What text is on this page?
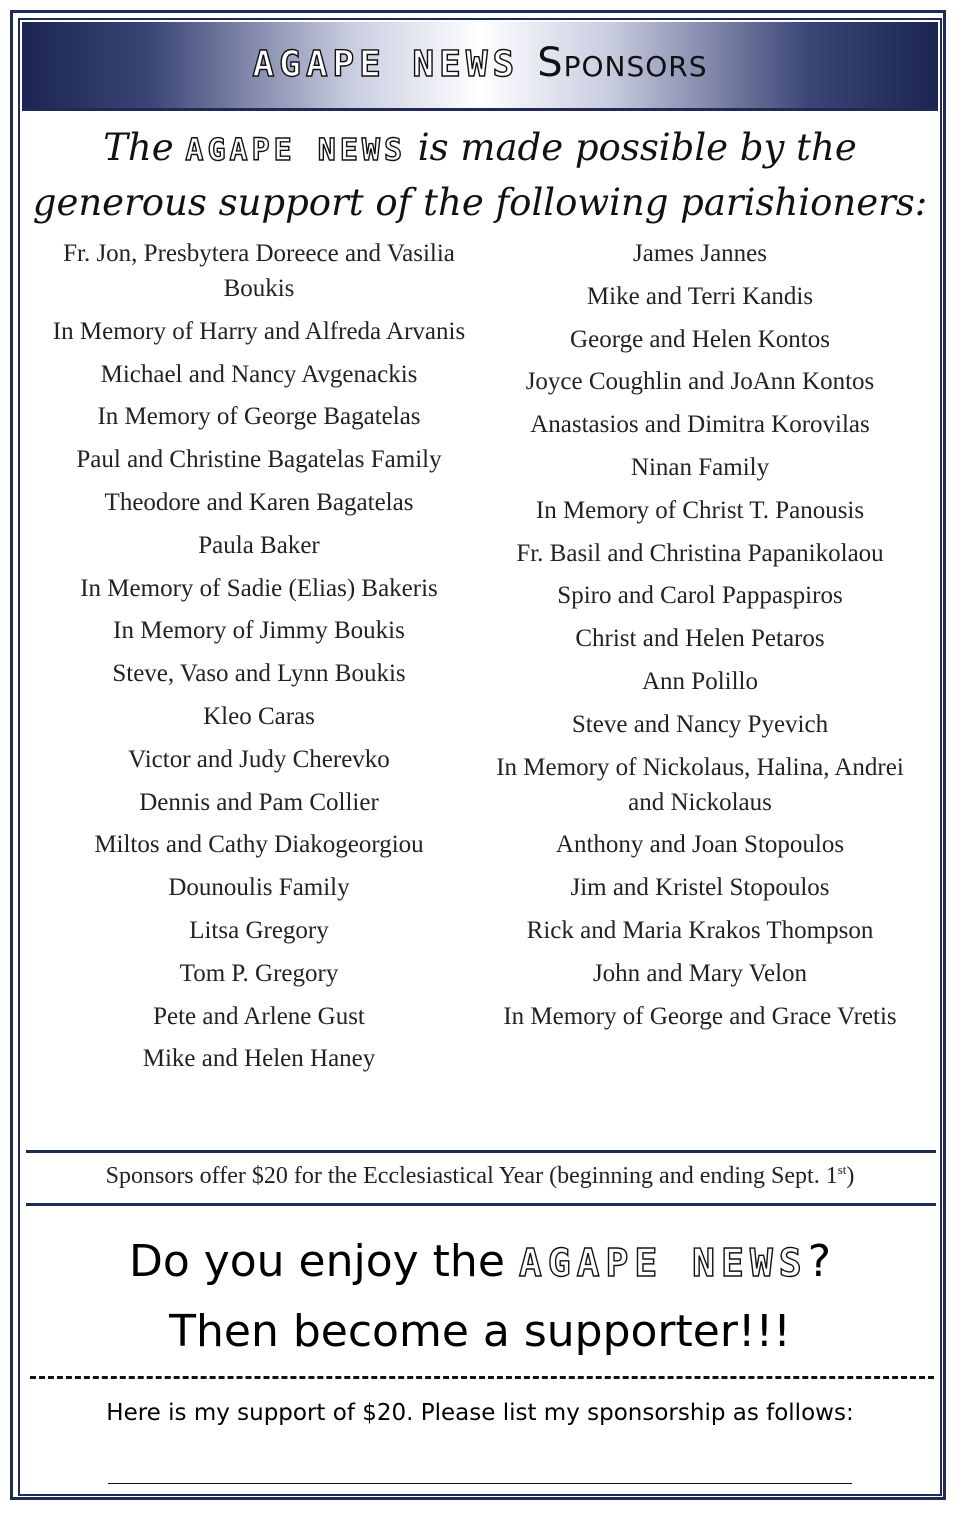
AGAPE NEWS Sponsors
The AGAPE NEWS is made possible by the
generous support of the following parishioners:
Fr. Jon, Presbytera Doreece and Vasilia Boukis
In Memory of Harry and Alfreda Arvanis
Michael and Nancy Avgenackis
In Memory of George Bagatelas
Paul and Christine Bagatelas Family
Theodore and Karen Bagatelas
Paula Baker
In Memory of Sadie (Elias) Bakeris
In Memory of Jimmy Boukis
Steve, Vaso and Lynn Boukis
Kleo Caras
Victor and Judy Cherevko
Dennis and Pam Collier
Miltos and Cathy Diakogeorgiou
Dounoulis Family
Litsa Gregory
Tom P. Gregory
Pete and Arlene Gust
Mike and Helen Haney
James Jannes
Mike and Terri Kandis
George and Helen Kontos
Joyce Coughlin and JoAnn Kontos
Anastasios and Dimitra Korovilas
Ninan Family
In Memory of Christ T. Panousis
Fr. Basil and Christina Papanikolaou
Spiro and Carol Pappaspiros
Christ and Helen Petaros
Ann Polillo
Steve and Nancy Pyevich
In Memory of Nickolaus, Halina, Andrei and Nickolaus
Anthony and Joan Stopoulos
Jim and Kristel Stopoulos
Rick and Maria Krakos Thompson
John and Mary Velon
In Memory of George and Grace Vretis
Sponsors offer $20 for the Ecclesiastical Year (beginning and ending Sept. 1st)
Do you enjoy the AGAPE NEWS?
Then become a supporter!!!
Here is my support of $20. Please list my sponsorship as follows:
